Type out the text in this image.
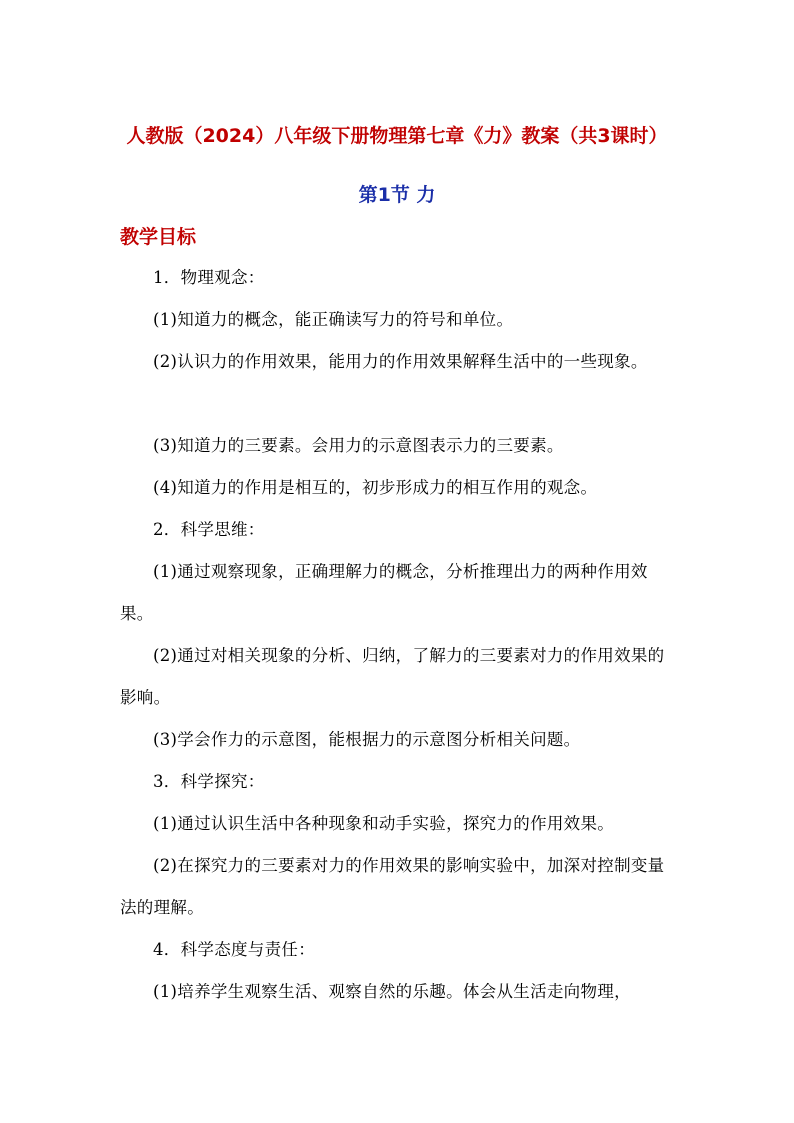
人教版（2024）八年级下册物理第七章《力》教案（共3课时）
第1节 力
教学目标

1．物理观念：

(1)知道力的概念，能正确读写力的符号和单位。

(2)认识力的作用效果，能用力的作用效果解释生活中的一些现象。

(3)知道力的三要素。会用力的示意图表示力的三要素。

(4)知道力的作用是相互的，初步形成力的相互作用的观念。

2．科学思维：

(1)通过观察现象，正确理解力的概念，分析推理出力的两种作用效果。

(2)通过对相关现象的分析、归纳，了解力的三要素对力的作用效果的影响。

(3)学会作力的示意图，能根据力的示意图分析相关问题。

3．科学探究：

(1)通过认识生活中各种现象和动手实验，探究力的作用效果。

(2)在探究力的三要素对力的作用效果的影响实验中，加深对控制变量法的理解。

4．科学态度与责任：

(1)培养学生观察生活、观察自然的乐趣。体会从生活走向物理，
